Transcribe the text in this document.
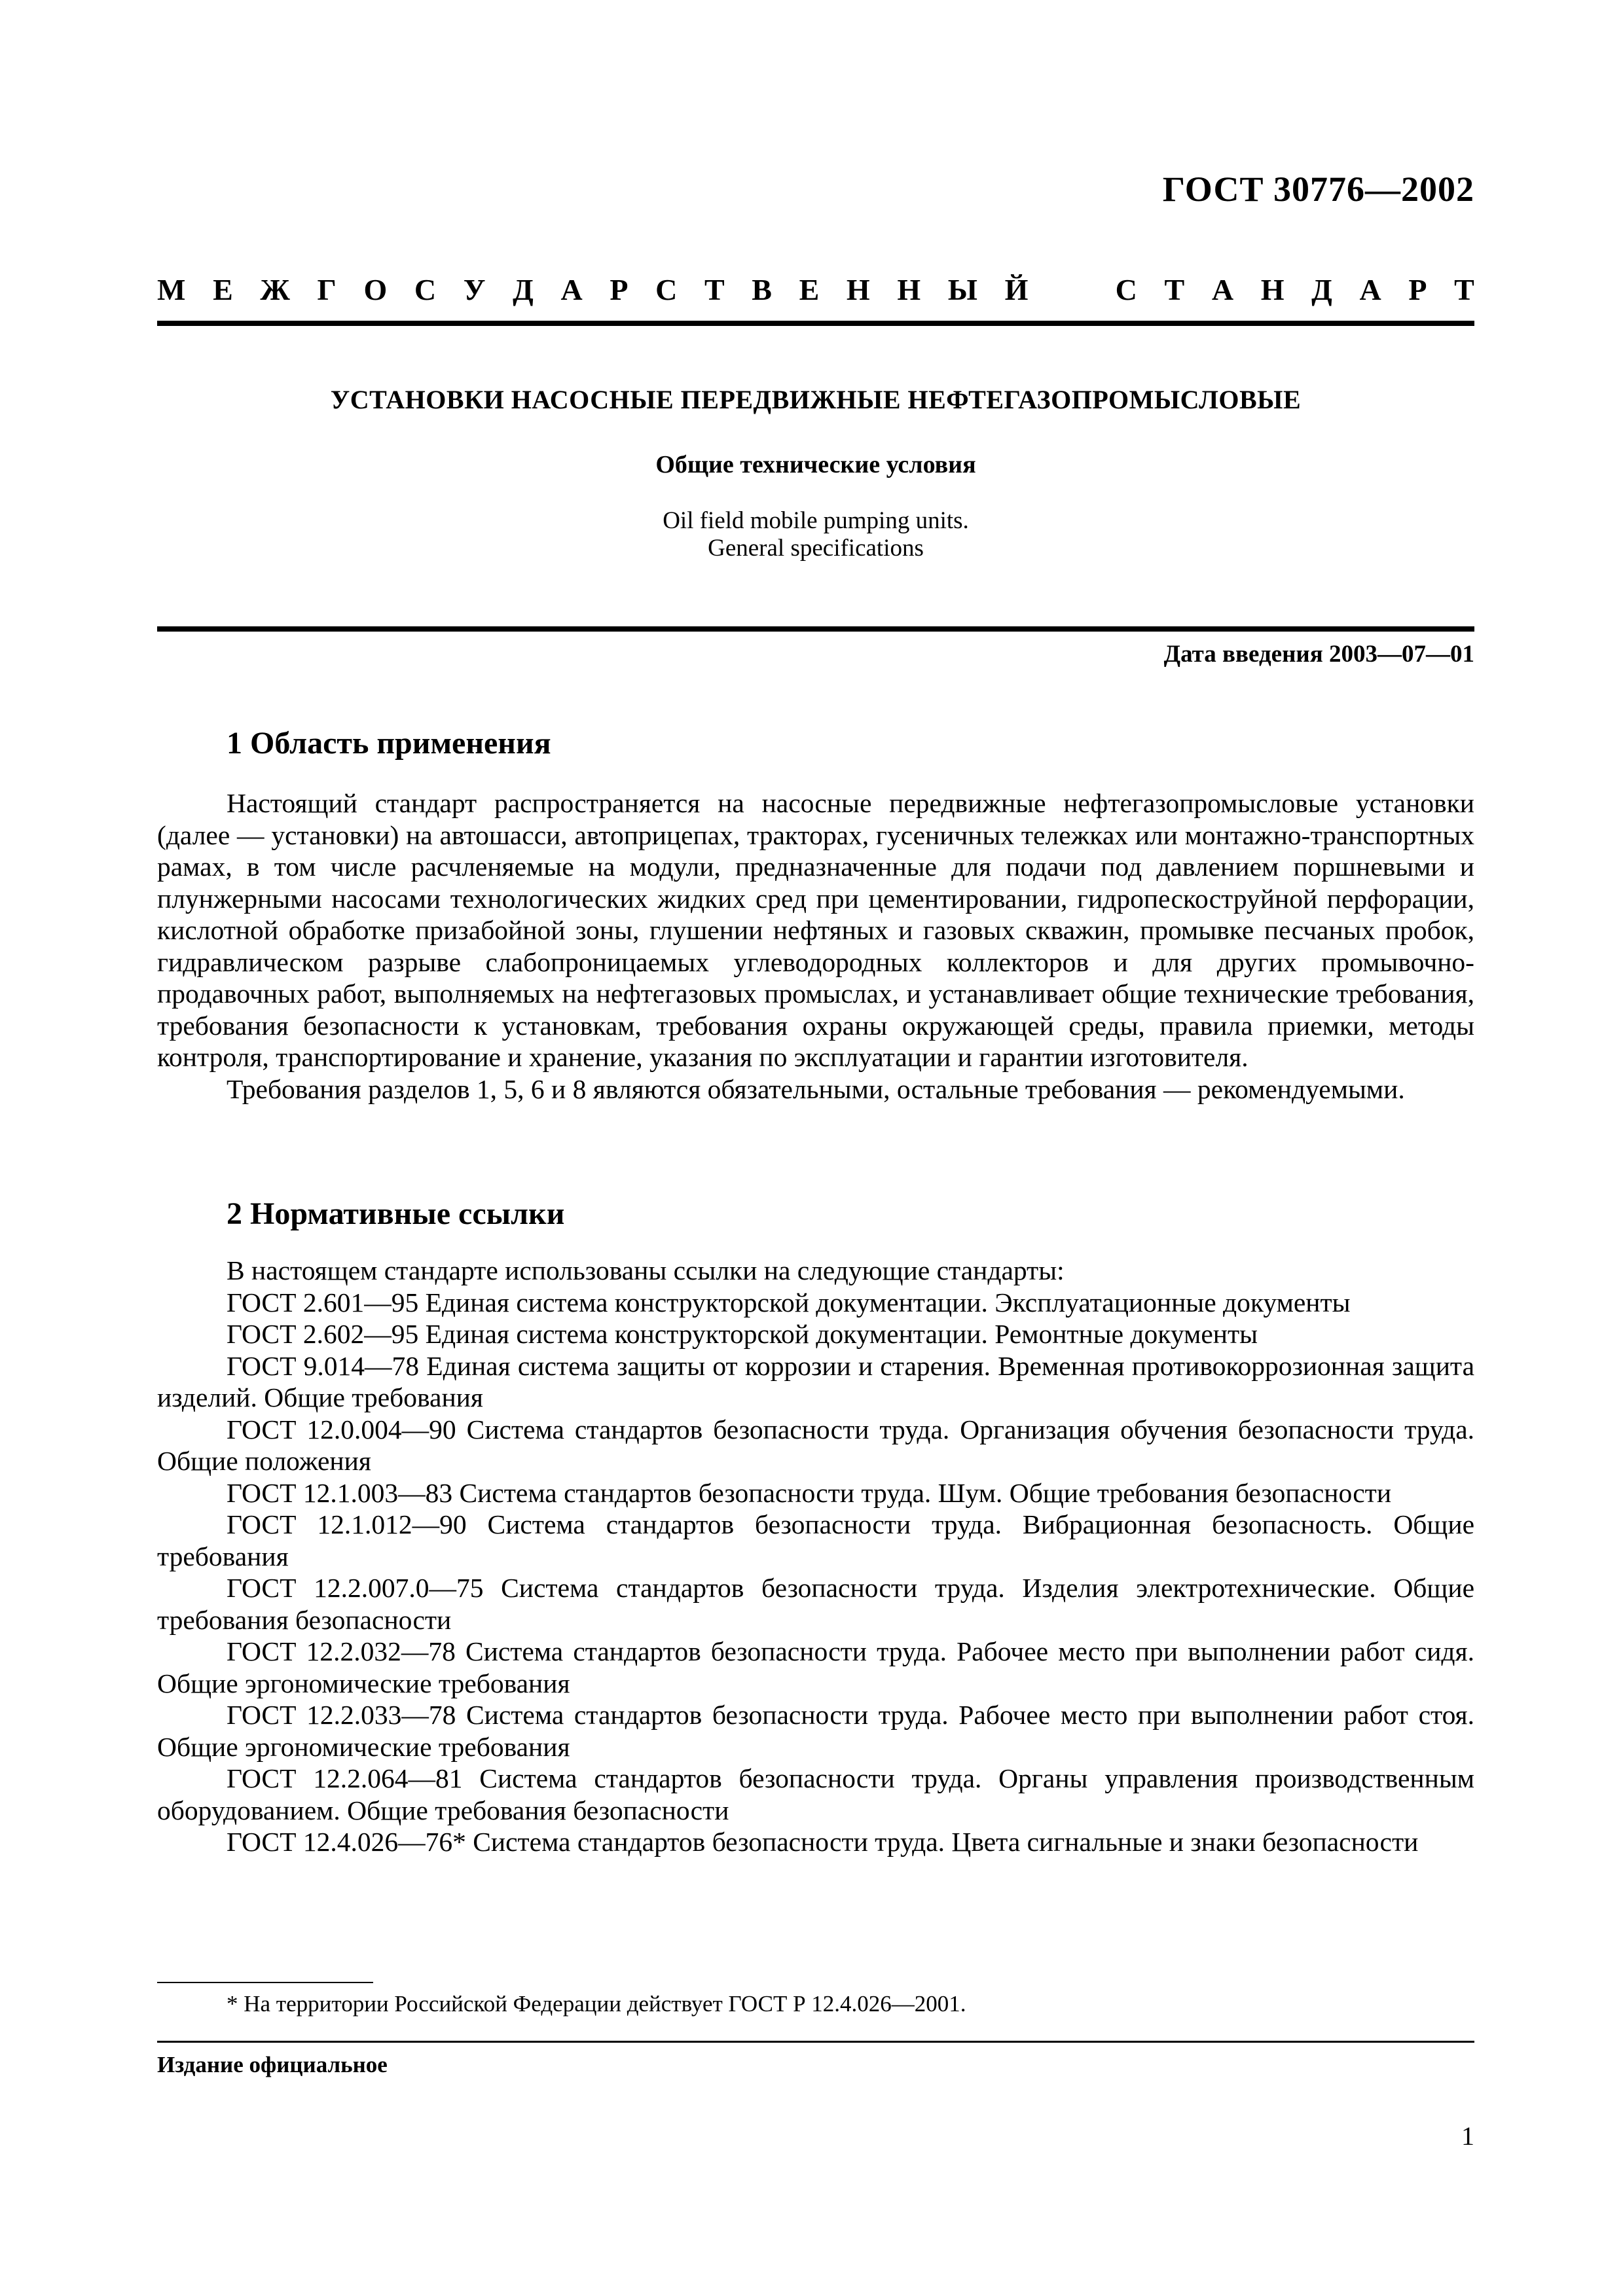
ГОСТ 30776—2002
М Е Ж Г О С У Д А Р С Т В Е Н Н Ы Й	С Т А Н Д А Р Т
УСТАНОВКИ НАСОСНЫЕ ПЕРЕДВИЖНЫЕ НЕФТЕГАЗОПРОМЫСЛОВЫЕ
Общие технические условия
Oil field mobile pumping units.
General specifications
Дата введения 2003—07—01
1 Область применения

Настоящий стандарт распространяется на насосные передвижные нефтегазопромысловые установки (далее — установки) на автошасси, автоприцепах, тракторах, гусеничных тележках или монтажно-транспортных рамах, в том числе расчленяемые на модули, предназначенные для подачи под давлением поршневыми и плунжерными насосами технологических жидких сред при цементировании, гидропескоструйной перфорации, кислотной обработке призабойной зоны, глушении нефтяных и газовых скважин, промывке песчаных пробок, гидравлическом разрыве слабопроницаемых углеводородных коллекторов и для других промывочно-продавочных работ, выполняемых на нефтегазовых промыслах, и устанавливает общие технические требования, требования безопасности к установкам, требования охраны окружающей среды, правила приемки, методы контроля, транспортирование и хранение, указания по эксплуатации и гарантии изготовителя.

Требования разделов 1, 5, 6 и 8 являются обязательными, остальные требования — рекомендуемыми.

2 Нормативные ссылки

В настоящем стандарте использованы ссылки на следующие стандарты:

ГОСТ 2.601—95 Единая система конструкторской документации. Эксплуатационные документы

ГОСТ 2.602—95 Единая система конструкторской документации. Ремонтные документы

ГОСТ 9.014—78 Единая система защиты от коррозии и старения. Временная противокоррозионная защита изделий. Общие требования

ГОСТ 12.0.004—90 Система стандартов безопасности труда. Организация обучения безопасности труда. Общие положения

ГОСТ 12.1.003—83 Система стандартов безопасности труда. Шум. Общие требования безопасности

ГОСТ 12.1.012—90 Система стандартов безопасности труда. Вибрационная безопасность. Общие требования

ГОСТ 12.2.007.0—75 Система стандартов безопасности труда. Изделия электротехнические. Общие требования безопасности

ГОСТ 12.2.032—78 Система стандартов безопасности труда. Рабочее место при выполнении работ сидя. Общие эргономические требования

ГОСТ 12.2.033—78 Система стандартов безопасности труда. Рабочее место при выполнении работ стоя. Общие эргономические требования

ГОСТ 12.2.064—81 Система стандартов безопасности труда. Органы управления производственным оборудованием. Общие требования безопасности

ГОСТ 12.4.026—76* Система стандартов безопасности труда. Цвета сигнальные и знаки безопасности

* На территории Российской Федерации действует ГОСТ Р 12.4.026—2001.
Издание официальное
1
